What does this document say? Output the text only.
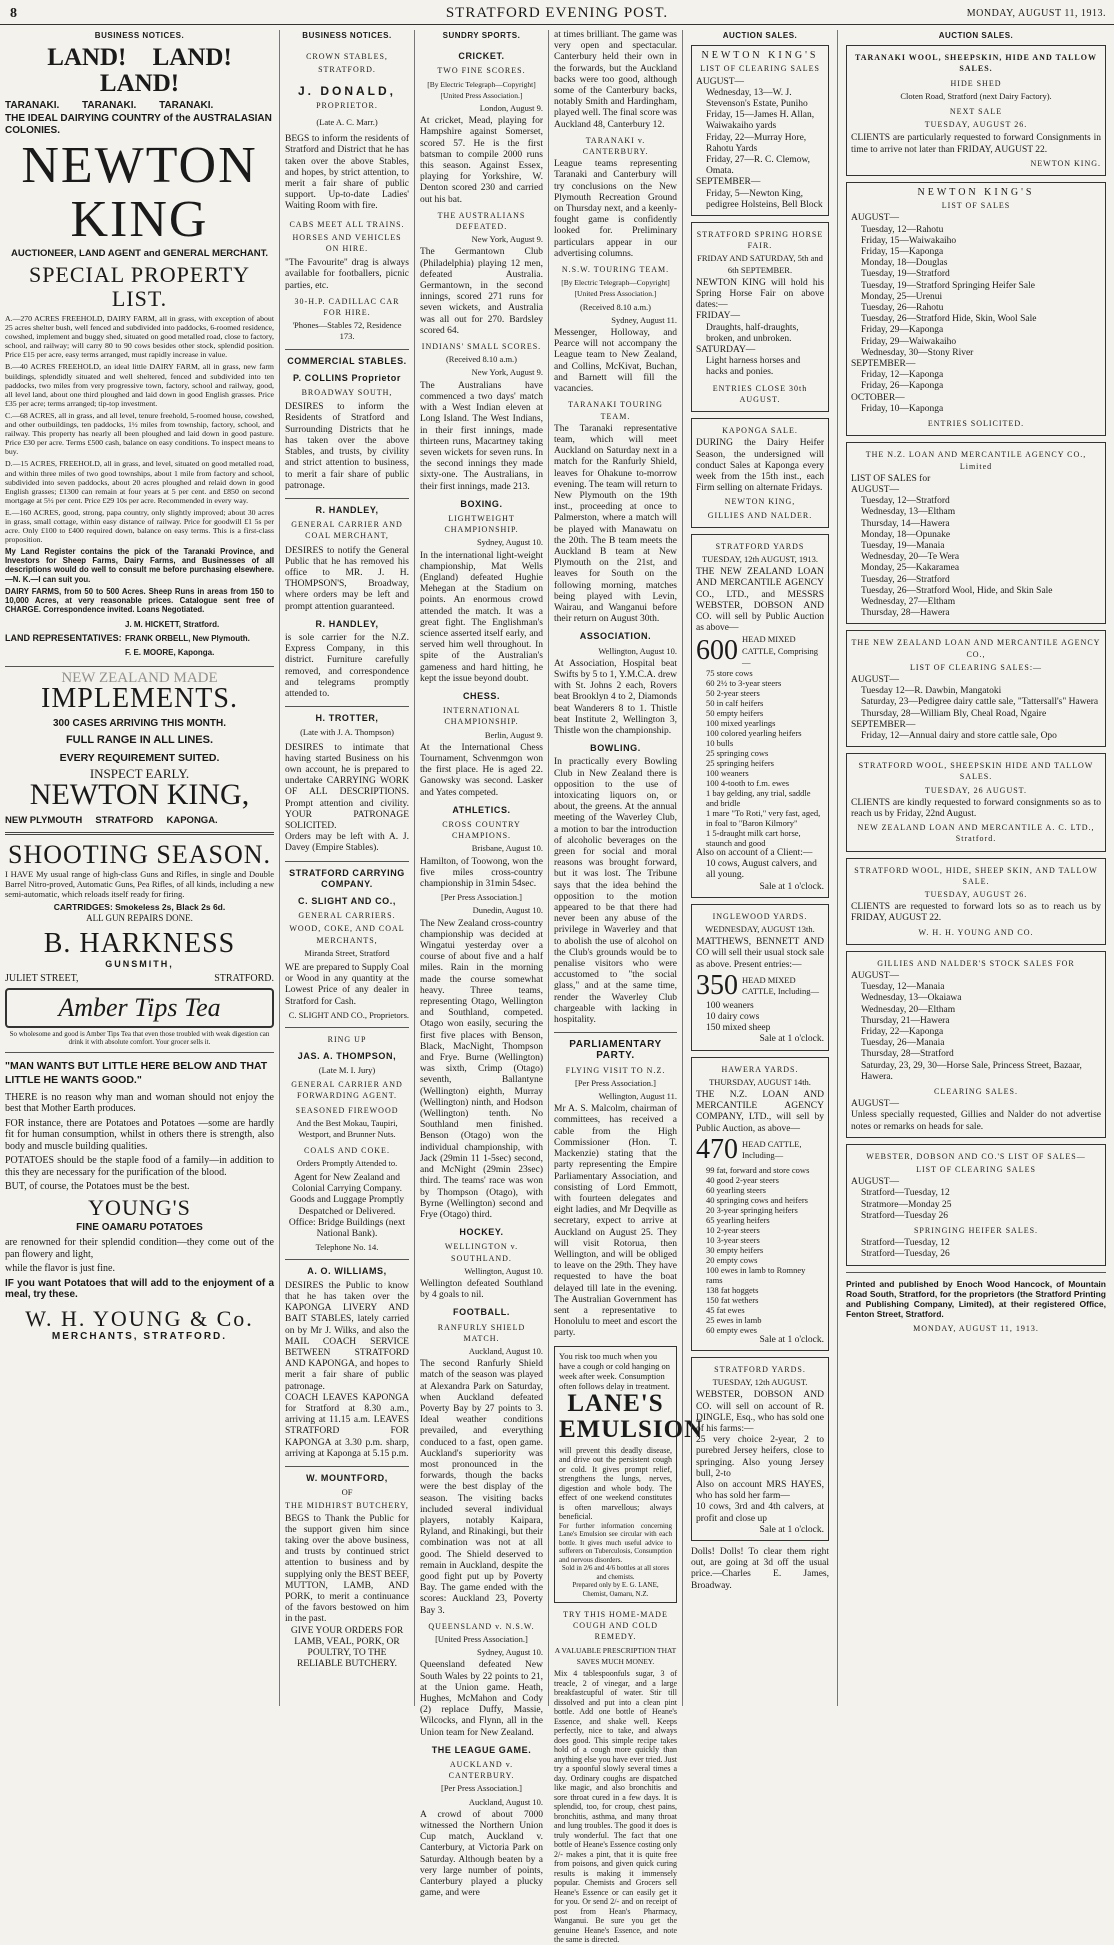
8	STRATFORD EVENING POST.	MONDAY, AUGUST 11, 1913.
BUSINESS NOTICES.
LAND! LAND! LAND!
TARANAKI. TARANAKI. TARANAKI.
THE IDEAL DAIRYING COUNTRY of the AUSTRALASIAN COLONIES.
NEWTON KING
AUCTIONEER, LAND AGENT and GENERAL MERCHANT.
SPECIAL PROPERTY LIST.

A.—270 ACRES FREEHOLD, DAIRY FARM, all in grass, with exception of about 25 acres shelter bush, well fenced and subdivided into paddocks, 6-roomed residence, cowshed, implement and buggy shed, situated on good metalled road, close to factory, school, and railway; will carry 80 to 90 cows besides other stock, splendid position. Price £15 per acre, easy terms arranged, must rapidly increase in value.

B.—40 ACRES FREEHOLD, an ideal little DAIRY FARM, all in grass, new farm buildings, splendidly situated and well sheltered, fenced and subdivided into ten paddocks, two miles from very progressive town, factory, school and railway, good, all level land, about one third ploughed and laid down in good English grasses. Price £35 per acre; terms arranged; tip-top investment.

C.—68 ACRES, all in grass, and all level, tenure freehold, 5-roomed house, cowshed, and other outbuildings, ten paddocks, 1½ miles from township, factory, school, and railway. This property has nearly all been ploughed and laid down in good pasture. Price £30 per acre. Terms £500 cash, balance on easy conditions. To inspect means to buy.

D.—15 ACRES, FREEHOLD, all in grass, and level, situated on good metalled road, and within three miles of two good townships, about 1 mile from factory and school, subdivided into seven paddocks, about 20 acres ploughed and relaid down in good English grasses; £1300 can remain at four years at 5 per cent. and £850 on second mortgage at 5½ per cent. Price £29 10s per acre. Recommended in every way.

E.—160 ACRES, good, strong, papa country, only slightly improved; about 30 acres in grass, small cottage, within easy distance of railway. Price for goodwill £1 5s per acre. Only £100 to £400 required down, balance on easy terms. This is a first-class proposition.

My Land Register contains the pick of the Taranaki Province, and Investors for Sheep Farms, Dairy Farms, and Businesses of all descriptions would do well to consult me before purchasing elsewhere.—N. K.—I can suit you.

DAIRY FARMS, from 50 to 500 Acres. Sheep Runs in areas from 150 to 10,000 Acres, at very reasonable prices. Catalogue sent free of CHARGE. Correspondence invited. Loans Negotiated.

LAND REPRESENTATIVES:
J. M. HICKETT, Stratford.
FRANK ORBELL, New Plymouth.
F. E. MOORE, Kaponga.
NEW ZEALAND MADE
IMPLEMENTS.
300 CASES ARRIVING THIS MONTH.
FULL RANGE IN ALL LINES.
EVERY REQUIREMENT SUITED.
INSPECT EARLY.
NEWTON KING,
NEW PLYMOUTH     STRATFORD     KAPONGA.
SHOOTING SEASON.

I HAVE My usual range of high-class Guns and Rifles, in single and Double Barrel Nitro-proved, Automatic Guns, Pea Rifles, of all kinds, including a new semi-automatic, which reloads itself ready for firing.

CARTRIDGES: Smokeless 2s, Black 2s 6d.
ALL GUN REPAIRS DONE.
B. HARKNESS
GUNSMITH,
JULIET STREET,	STRATFORD.
Amber Tips Tea
So wholesome and good is Amber Tips Tea that even those troubled with weak digestion can drink it with absolute comfort. Your grocer sells it.
"MAN WANTS BUT LITTLE HERE BELOW AND THAT LITTLE HE WANTS GOOD."

THERE is no reason why man and woman should not enjoy the best that Mother Earth produces.

FOR instance, there are Potatoes and Potatoes —some are hardly fit for human consumption, whilst in others there is strength, also body and muscle building qualities.

POTATOES should be the staple food of a family—in addition to this they are necessary for the purification of the blood.

BUT, of course, the Potatoes must be the best.

YOUNG'S
FINE OAMARU POTATOES

are renowned for their splendid condition—they come out of the pan flowery and light,

while the flavor is just fine.

IF you want Potatoes that will add to the enjoyment of a meal, try these.

W. H. YOUNG & Co.
MERCHANTS, STRATFORD.
BUSINESS NOTICES.
CROWN STABLES,
STRATFORD.
J. DONALD,
PROPRIETOR.
(Late A. C. Marr.)

BEGS to inform the residents of Stratford and District that he has taken over the above Stables, and hopes, by strict attention, to merit a fair share of public support. Up-to-date Ladies' Waiting Room with fire.

CABS MEET ALL TRAINS.
HORSES AND VEHICLES ON HIRE.

"The Favourite" drag is always available for footballers, picnic parties, etc.

30-H.P. CADILLAC CAR FOR HIRE.
'Phones—Stables 72, Residence 173.
COMMERCIAL STABLES.
P. COLLINS Proprietor
BROADWAY SOUTH,

DESIRES to inform the Residents of Stratford and Surrounding Districts that he has taken over the above Stables, and trusts, by civility and strict attention to business, to merit a fair share of public patronage.

R. HANDLEY,
GENERAL CARRIER AND COAL MERCHANT,

DESIRES to notify the General Public that he has removed his office to MR. J. H. THOMPSON'S, Broadway, where orders may be left and prompt attention guaranteed.

R. HANDLEY,

is sole carrier for the N.Z. Express Company, in this district. Furniture carefully removed, and correspondence and telegrams promptly attended to.

H. TROTTER,
(Late with J. A. Thompson)

DESIRES to intimate that having started Business on his own account, he is prepared to undertake CARRYING WORK OF ALL DESCRIPTIONS. Prompt attention and civility. YOUR PATRONAGE SOLICITED.

Orders may be left with A. J. Davey (Empire Stables).

STRATFORD CARRYING COMPANY.
C. SLIGHT AND CO.,
GENERAL CARRIERS.
WOOD, COKE, AND COAL MERCHANTS,
Miranda Street, Stratford

WE are prepared to Supply Coal or Wood in any quantity at the Lowest Price of any dealer in Stratford for Cash.

C. SLIGHT AND CO., Proprietors.
RING UP
JAS. A. THOMPSON,
(Late M. I. Jury)
GENERAL CARRIER AND FORWARDING AGENT.
SEASONED FIREWOOD
And the Best Mokau, Taupiri, Westport, and Brunner Nuts.
COALS AND COKE.
Orders Promptly Attended to.

Agent for New Zealand and Colonial Carrying Company. Goods and Luggage Promptly Despatched or Delivered. Office: Bridge Buildings (next National Bank).

Telephone No. 14.
A. O. WILLIAMS,

DESIRES the Public to know that he has taken over the KAPONGA LIVERY AND BAIT STABLES, lately carried on by Mr J. Wilks, and also the MAIL COACH SERVICE BETWEEN STRATFORD AND KAPONGA, and hopes to merit a fair share of public patronage.

COACH LEAVES KAPONGA for Stratford at 8.30 a.m., arriving at 11.15 a.m. LEAVES STRATFORD FOR KAPONGA at 3.30 p.m. sharp, arriving at Kaponga at 5.15 p.m.

W. MOUNTFORD,
OF
THE MIDHIRST BUTCHERY,

BEGS to Thank the Public for the support given him since taking over the above business, and trusts by continued strict attention to business and by supplying only the BEST BEEF, MUTTON, LAMB, AND PORK, to merit a continuance of the favors bestowed on him in the past.

GIVE YOUR ORDERS FOR LAMB, VEAL, PORK, OR POULTRY, TO THE RELIABLE BUTCHERY.

SUNDRY SPORTS.
CRICKET.
TWO FINE SCORES.
[By Electric Telegraph—Copyright] [United Press Association.]
London, August 9.

At cricket, Mead, playing for Hampshire against Somerset, scored 57. He is the first batsman to compile 2000 runs this season. Against Essex, playing for Yorkshire, W. Denton scored 230 and carried out his bat.

THE AUSTRALIANS DEFEATED.
New York, August 9.

The Germantown Club (Philadelphia) playing 12 men, defeated Australia. Germantown, in the second innings, scored 271 runs for seven wickets, and Australia was all out for 270. Bardsley scored 64.

INDIANS' SMALL SCORES.
(Received 8.10 a.m.)
New York, August 9.

The Australians have commenced a two days' match with a West Indian eleven at Long Island. The West Indians, in their first innings, made thirteen runs, Macartney taking seven wickets for seven runs. In the second innings they made sixty-one. The Australians, in their first innings, made 213.

BOXING.
LIGHTWEIGHT CHAMPIONSHIP.
Sydney, August 10.

In the international light-weight championship, Mat Wells (England) defeated Hughie Mehegan at the Stadium on points. An enormous crowd attended the match. It was a great fight. The Englishman's science asserted itself early, and served him well throughout. In spite of the Australian's gameness and hard hitting, he kept the issue beyond doubt.

CHESS.
INTERNATIONAL CHAMPIONSHIP.
Berlin, August 9.

At the International Chess Tournament, Schvenmgon won the first place. He is aged 22. Ganowsky was second. Lasker and Yates competed.

ATHLETICS.
CROSS COUNTRY CHAMPIONS.
Brisbane, August 10.

Hamilton, of Toowong, won the five miles cross-country championship in 31min 54sec.

[Per Press Association.]
Dunedin, August 10.

The New Zealand cross-country championship was decided at Wingatui yesterday over a course of about five and a half miles. Rain in the morning made the course somewhat heavy. Three teams, representing Otago, Wellington and Southland, competed. Otago won easily, securing the first five places with Benson, Black, MacNight, Thompson and Frye. Burne (Wellington) was sixth, Crimp (Otago) seventh, Ballantyne (Wellington) eighth, Murray (Wellington) ninth, and Hodson (Wellington) tenth. No Southland men finished. Benson (Otago) won the individual championship, with Jack (29min 11 1-5sec) second, and McNight (29min 23sec) third. The teams' race was won by Thompson (Otago), with Byrne (Wellington) second and Frye (Otago) third.

HOCKEY.
WELLINGTON v. SOUTHLAND.
Wellington, August 10.

Wellington defeated Southland by 4 goals to nil.

FOOTBALL.
RANFURLY SHIELD MATCH.
Auckland, August 10.

The second Ranfurly Shield match of the season was played at Alexandra Park on Saturday, when Auckland defeated Poverty Bay by 27 points to 3. Ideal weather conditions prevailed, and everything conduced to a fast, open game. Auckland's superiority was most pronounced in the forwards, though the backs were the best display of the season. The visiting backs included several individual players, notably Kaipara, Ryland, and Rinakingi, but their combination was not at all good. The Shield deserved to remain in Auckland, despite the good fight put up by Poverty Bay. The game ended with the scores: Auckland 23, Poverty Bay 3.

QUEENSLAND v. N.S.W.
[United Press Association.]
Sydney, August 10.

Queensland defeated New South Wales by 22 points to 21, at the Union game. Heath, Hughes, McMahon and Cody (2) replace Duffy, Massie, Wilcocks, and Flynn, all in the Union team for New Zealand.

THE LEAGUE GAME.
AUCKLAND v. CANTERBURY.
[Per Press Association.]
Auckland, August 10.

A crowd of about 7000 witnessed the Northern Union Cup match, Auckland v. Canterbury, at Victoria Park on Saturday. Although beaten by a very large number of points, Canterbury played a plucky game, and were

at times brilliant. The game was very open and spectacular. Canterbury held their own in the forwards, but the Auckland backs were too good, although some of the Canterbury backs, notably Smith and Hardingham, played well. The final score was Auckland 48, Canterbury 12.

TARANAKI v. CANTERBURY.

League teams representing Taranaki and Canterbury will try conclusions on the New Plymouth Recreation Ground on Thursday next, and a keenly-fought game is confidently looked for. Preliminary particulars appear in our advertising columns.

N.S.W. TOURING TEAM.
[By Electric Telegraph—Copyright] [United Press Association.]
(Received 8.10 a.m.)
Sydney, August 11.

Messenger, Holloway, and Pearce will not accompany the League team to New Zealand, and Collins, McKivat, Buchan, and Barnett will fill the vacancies.

TARANAKI TOURING TEAM.

The Taranaki representative team, which will meet Auckland on Saturday next in a match for the Ranfurly Shield, leaves for Ohakune to-morrow evening. The team will return to New Plymouth on the 19th inst., proceeding at once to Palmerston, where a match will be played with Manawatu on the 20th. The B team meets the Auckland B team at New Plymouth on the 21st, and leaves for South on the following morning, matches being played with Levin, Wairau, and Wanganui before their return on August 30th.

ASSOCIATION.
Wellington, August 10.

At Association, Hospital beat Swifts by 5 to 1, Y.M.C.A. drew with St. Johns 2 each, Rovers beat Brooklyn 4 to 2, Diamonds beat Wanderers 8 to 1. Thistle beat Institute 2, Wellington 3, Thistle won the championship.

BOWLING.

In practically every Bowling Club in New Zealand there is opposition to the use of intoxicating liquors on, or about, the greens. At the annual meeting of the Waverley Club, a motion to bar the introduction of alcoholic beverages on the green for social and moral reasons was brought forward, but it was lost. The Tribune says that the idea behind the opposition to the motion appeared to be that there had never been any abuse of the privilege in Waverley and that to abolish the use of alcohol on the Club's grounds would be to penalise visitors who were accustomed to "the social glass," and at the same time, render the Waverley Club chargeable with lacking in hospitality.

PARLIAMENTARY PARTY.
FLYING VISIT TO N.Z.
[Per Press Association.]
Wellington, August 11.

Mr A. S. Malcolm, chairman of committees, has received a cable from the High Commissioner (Hon. T. Mackenzie) stating that the party representing the Empire Parliamentary Association, and consisting of Lord Emmott, with fourteen delegates and eight ladies, and Mr Deqville as secretary, expect to arrive at Auckland on August 25. They will visit Rotorua, then Wellington, and will be obliged to leave on the 29th. They have requested to have the boat delayed till late in the evening. The Australian Government has sent a representative to Honolulu to meet and escort the party.

You risk too much when you have a cough or cold hanging on week after week. Consumption often follows delay in treatment.

LANE'S EMULSION

will prevent this deadly disease, and drive out the persistent cough or cold. It gives prompt relief, strengthens the lungs, nerves, digestion and whole body. The effect of one weekend constitutes is often marvellous; always beneficial.

For further information concerning Lane's Emulsion see circular with each bottle. It gives much useful advice to sufferers on Tuberculosis, Consumption and nervous disorders.

Sold in 2/6 and 4/6 bottles at all stores and chemists.

Prepared only by E. G. LANE, Chemist, Oamaru, N.Z.

TRY THIS HOME-MADE COUGH AND COLD REMEDY.
A VALUABLE PRESCRIPTION THAT SAVES MUCH MONEY.

Mix 4 tablespoonfuls sugar, 3 of treacle, 2 of vinegar, and a large breakfastcupful of water. Stir till dissolved and put into a clean pint bottle. Add one bottle of Heane's Essence, and shake well. Keeps perfectly, nice to take, and always does good. This simple recipe takes hold of a cough more quickly than anything else you have ever tried. Just try a spoonful slowly several times a day. Ordinary coughs are dispatched like magic, and also bronchitis and sore throat cured in a few days. It is splendid, too, for croup, chest pains, bronchitis, asthma, and many throat and lung troubles. The good it does is truly wonderful. The fact that one bottle of Heane's Essence costing only 2/- makes a pint, that it is quite free from poisons, and given quick curing results is making it immensely popular. Chemists and Grocers sell Heane's Essence or can easily get it for you. Or send 2/- and on receipt of post from Hean's Pharmacy, Wanganui. Be sure you get the genuine Heane's Essence, and note the same is directed.

AUCTION SALES.
NEWTON KING'S
LIST OF CLEARING SALES
AUGUST—
Wednesday, 13—W. J. Stevenson's Estate, Puniho
Friday, 15—James H. Allan, Waiwakaiho yards
Friday, 22—Murray Hore, Rahotu Yards
Friday, 27—R. C. Clemow, Omata.
SEPTEMBER—
Friday, 5—Newton King, pedigree Holsteins, Bell Block
STRATFORD SPRING HORSE FAIR.
FRIDAY AND SATURDAY, 5th and 6th SEPTEMBER.

NEWTON KING will hold his Spring Horse Fair on above dates:—

FRIDAY—
Draughts, half-draughts, broken, and unbroken.
SATURDAY—
Light harness horses and hacks and ponies.
ENTRIES CLOSE 30th AUGUST.
KAPONGA SALE.

DURING the Dairy Heifer Season, the undersigned will conduct Sales at Kaponga every week from the 15th inst., each Firm selling on alternate Fridays.

NEWTON KING,
GILLIES AND NALDER.
STRATFORD YARDS
TUESDAY, 12th AUGUST, 1913.

THE NEW ZEALAND LOAN AND MERCANTILE AGENCY CO., LTD., and MESSRS WEBSTER, DOBSON AND CO. will sell by Public Auction as above—

600 HEAD MIXED CATTLE, Comprising—
75 store cows
60 2½ to 3-year steers
50 2-year steers
50 in calf heifers
50 empty heifers
100 mixed yearlings
100 colored yearling heifers
10 bulls
25 springing cows
25 springing heifers
100 weaners
100 4-tooth to f.m. ewes
1 bay gelding, any trial, saddle and bridle
1 mare "To Roti," very fast, aged, in foal to "Baron Kilmory"
1 5-draught milk cart horse, staunch and good
Also on account of a Client:—
10 cows, August calvers, and all young.
Sale at 1 o'clock.
INGLEWOOD YARDS.
WEDNESDAY, AUGUST 13th.

MATTHEWS, BENNETT AND CO will sell their usual stock sale as above. Present entries:—

350 HEAD MIXED CATTLE, Including—
100 weaners
10 dairy cows
150 mixed sheep
Sale at 1 o'clock.
HAWERA YARDS.
THURSDAY, AUGUST 14th.

THE N.Z. LOAN AND MERCANTILE AGENCY COMPANY, LTD., will sell by Public Auction, as above—

470 HEAD CATTLE, Including—
99 fat, forward and store cows
40 good 2-year steers
60 yearling steers
40 springing cows and heifers
20 3-year springing heifers
65 yearling heifers
10 2-year steers
10 3-year steers
30 empty heifers
20 empty cows
100 ewes in lamb to Romney rams
138 fat hoggets
150 fat wethers
45 fat ewes
25 ewes in lamb
60 empty ewes
Sale at 1 o'clock.
STRATFORD YARDS.
TUESDAY, 12th AUGUST.

WEBSTER, DOBSON AND CO. will sell on account of R. DINGLE, Esq., who has sold one of his farms:—

25 very choice 2-year, 2 to purebred Jersey heifers, close to springing. Also young Jersey bull, 2-to

Also on account MRS HAYES, who has sold her farm—

10 cows, 3rd and 4th calvers, at profit and close up

Sale at 1 o'clock.

Dolls! Dolls! To clear them right out, are going at 3d off the usual price.—Charles E. James, Broadway.

AUCTION SALES.
TARANAKI WOOL, SHEEPSKIN, HIDE AND TALLOW SALES.
HIDE SHED
Cloten Road, Stratford (next Dairy Factory).
NEXT SALE
TUESDAY, AUGUST 26.

CLIENTS are particularly requested to forward Consignments in time to arrive not later than FRIDAY, AUGUST 22.

NEWTON KING.
NEWTON KING'S
LIST OF SALES
AUGUST—
Tuesday, 12—Rahotu
Friday, 15—Waiwakaiho
Friday, 15—Kaponga
Monday, 18—Douglas
Tuesday, 19—Stratford
Tuesday, 19—Stratford Springing Heifer Sale
Monday, 25—Urenui
Tuesday, 26—Rahotu
Tuesday, 26—Stratford Hide, Skin, Wool Sale
Friday, 29—Kaponga
Friday, 29—Waiwakaiho
Wednesday, 30—Stony River
SEPTEMBER—
Friday, 12—Kaponga
Friday, 26—Kaponga
OCTOBER—
Friday, 10—Kaponga
ENTRIES SOLICITED.
THE N.Z. LOAN AND MERCANTILE AGENCY CO., Limited
LIST OF SALES for
AUGUST—
Tuesday, 12—Stratford
Wednesday, 13—Eltham
Thursday, 14—Hawera
Monday, 18—Opunake
Tuesday, 19—Manaia
Wednesday, 20—Te Wera
Monday, 25—Kakaramea
Tuesday, 26—Stratford
Tuesday, 26—Stratford Wool, Hide, and Skin Sale
Wednesday, 27—Eltham
Thursday, 28—Hawera
THE NEW ZEALAND LOAN AND MERCANTILE AGENCY CO.,
LIST OF CLEARING SALES:—
AUGUST—
Tuesday 12—R. Dawbin, Mangatoki
Saturday, 23—Pedigree dairy cattle sale, "Tattersall's" Hawera
Thursday, 28—William Bly, Cheal Road, Ngaire
SEPTEMBER—
Friday, 12—Annual dairy and store cattle sale, Opo
STRATFORD WOOL, SHEEPSKIN HIDE AND TALLOW SALES.
TUESDAY, 26 AUGUST.

CLIENTS are kindly requested to forward consignments so as to reach us by Friday, 22nd August.

NEW ZEALAND LOAN AND MERCANTILE A. C. LTD., Stratford.
STRATFORD WOOL, HIDE, SHEEP SKIN, AND TALLOW SALE.
TUESDAY, AUGUST 26.

CLIENTS are requested to forward lots so as to reach us by FRIDAY, AUGUST 22.

W. H. H. YOUNG AND CO.
GILLIES AND NALDER'S STOCK SALES FOR
AUGUST—
Tuesday, 12—Manaia
Wednesday, 13—Okaiawa
Wednesday, 20—Eltham
Thursday, 21—Hawera
Friday, 22—Kaponga
Tuesday, 26—Manaia
Thursday, 28—Stratford
Saturday, 23, 29, 30—Horse Sale, Princess Street, Bazaar, Hawera.
CLEARING SALES.
AUGUST—

Unless specially requested, Gillies and Nalder do not advertise notes or remarks on heads for sale.

WEBSTER, DOBSON AND CO.'S LIST OF SALES—
LIST OF CLEARING SALES
AUGUST—
Stratford—Tuesday, 12
Stratmore—Monday 25
Stratford—Tuesday 26
SPRINGING HEIFER SALES.
Stratford—Tuesday, 12
Stratford—Tuesday, 26

Printed and published by Enoch Wood Hancock, of Mountain Road South, Stratford, for the proprietors (the Stratford Printing and Publishing Company, Limited), at their registered Office, Fenton Street, Stratford.

MONDAY, AUGUST 11, 1913.
